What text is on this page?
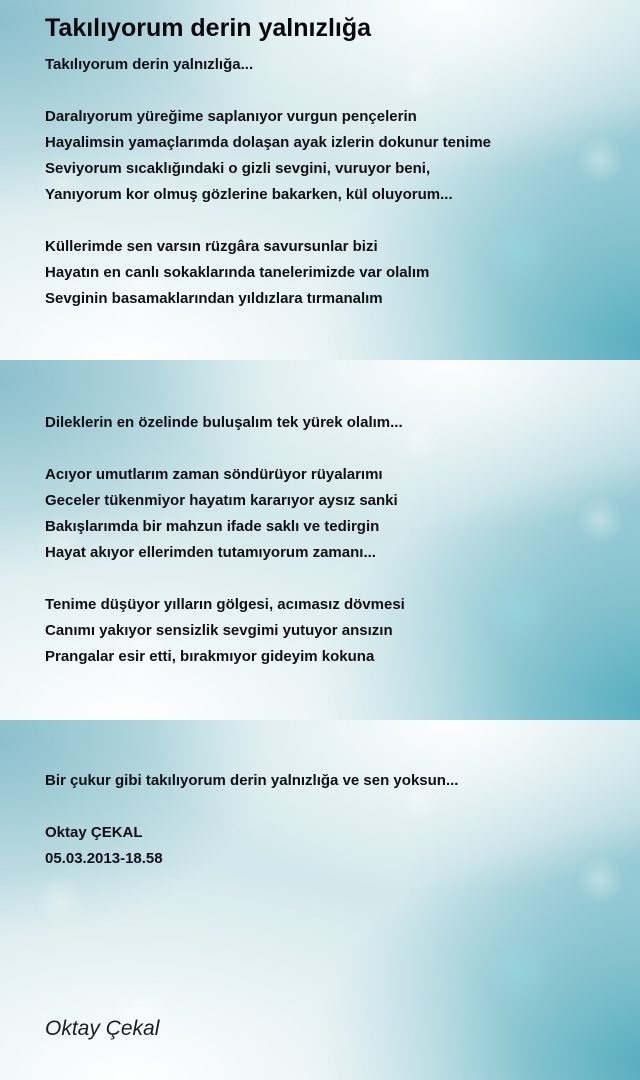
Takılıyorum derin yalnızlığa
Takılıyorum derin yalnızlığa...
Daralıyorum yüreğime saplanıyor vurgun pençelerin
Hayalimsin yamaçlarımda dolaşan ayak izlerin dokunur tenime
Seviyorum sıcaklığındaki o gizli sevgini, vuruyor beni,
Yanıyorum kor olmuş gözlerine bakarken, kül oluyorum...
Küllerimde sen varsın rüzgâra savursunlar bizi
Hayatın en canlı sokaklarında tanelerimizde var olalım
Sevginin basamaklarından yıldızlara tırmanalım
Dileklerin en özelinde buluşalım tek yürek olalım...
Acıyor umutlarım zaman söndürüyor rüyalarımı
Geceler tükenmiyor hayatım kararıyor aysız sanki
Bakışlarımda bir mahzun ifade saklı ve tedirgin
Hayat akıyor ellerimden tutamıyorum zamanı...
Tenime düşüyor yılların gölgesi, acımasız dövmesi
Canımı yakıyor sensizlik sevgimi yutuyor ansızın
Prangalar esir etti, bırakmıyor gideyim kokuna
Bir çukur gibi takılıyorum derin yalnızlığa ve sen yoksun...
Oktay ÇEKAL
05.03.2013-18.58
Oktay Çekal
